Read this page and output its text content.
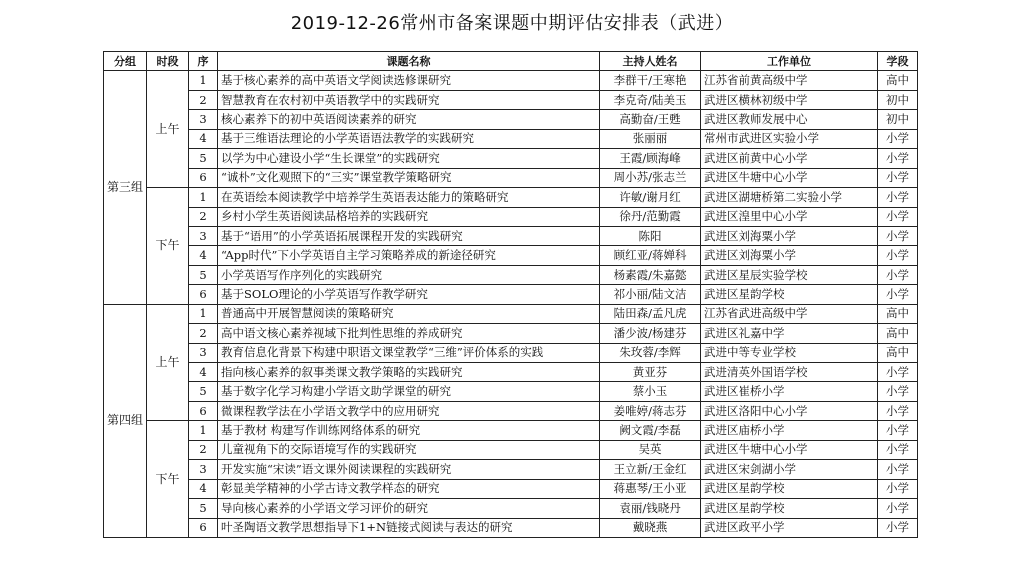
2019-12-26常州市备案课题中期评估安排表（武进）
分组	时段	序	课题名称	主持人姓名	工作单位	学段
第三组	上午	1	基于核心素养的高中英语文学阅读选修课研究	李群干/王寒艳	江苏省前黄高级中学	高中
		2	智慧教育在农村初中英语教学中的实践研究	李克奇/陆美玉	武进区横林初级中学	初中
		3	核心素养下的初中英语阅读素养的研究	高勤奋/王甦	武进区教师发展中心	初中
		4	基于三维语法理论的小学英语语法教学的实践研究	张丽丽	常州市武进区实验小学	小学
		5	以学为中心建设小学“生长课堂”的实践研究	王霞/顾海峰	武进区前黄中心小学	小学
		6	“诚朴”文化观照下的“三实”课堂教学策略研究	周小苏/张志兰	武进区牛塘中心小学	小学
	下午	1	在英语绘本阅读教学中培养学生英语表达能力的策略研究	许敏/谢月红	武进区湖塘桥第二实验小学	小学
		2	乡村小学生英语阅读品格培养的实践研究	徐丹/范勤霞	武进区湟里中心小学	小学
		3	基于“语用”的小学英语拓展课程开发的实践研究	陈阳	武进区刘海粟小学	小学
		4	“App时代”下小学英语自主学习策略养成的新途径研究	顾红亚/蒋婵科	武进区刘海粟小学	小学
		5	小学英语写作序列化的实践研究	杨素霞/朱嘉懿	武进区星辰实验学校	小学
		6	基于SOLO理论的小学英语写作教学研究	祁小丽/陆文洁	武进区星韵学校	小学
第四组	上午	1	普通高中开展智慧阅读的策略研究	陆田森/孟凡虎	江苏省武进高级中学	高中
		2	高中语文核心素养视域下批判性思维的养成研究	潘少波/杨建芬	武进区礼嘉中学	高中
		3	教育信息化背景下构建中职语文课堂教学“三维”评价体系的实践	朱玫蓉/李辉	武进中等专业学校	高中
		4	指向核心素养的叙事类课文教学策略的实践研究	黄亚芬	武进清英外国语学校	小学
		5	基于数字化学习构建小学语文助学课堂的研究	蔡小玉	武进区崔桥小学	小学
		6	微课程教学法在小学语文教学中的应用研究	姜唯婷/蒋志芬	武进区洛阳中心小学	小学
	下午	1	基于教材 构建写作训练网络体系的研究	阙文霞/李磊	武进区庙桥小学	小学
		2	儿童视角下的交际语境写作的实践研究	吴英	武进区牛塘中心小学	小学
		3	开发实施“宋读”语文课外阅读课程的实践研究	王立新/王金红	武进区宋剑湖小学	小学
		4	彰显美学精神的小学古诗文教学样态的研究	蒋惠琴/王小亚	武进区星韵学校	小学
		5	导向核心素养的小学语文学习评价的研究	袁丽/钱晓丹	武进区星韵学校	小学
		6	叶圣陶语文教学思想指导下1+N链接式阅读与表达的研究	戴晓燕	武进区政平小学	小学
